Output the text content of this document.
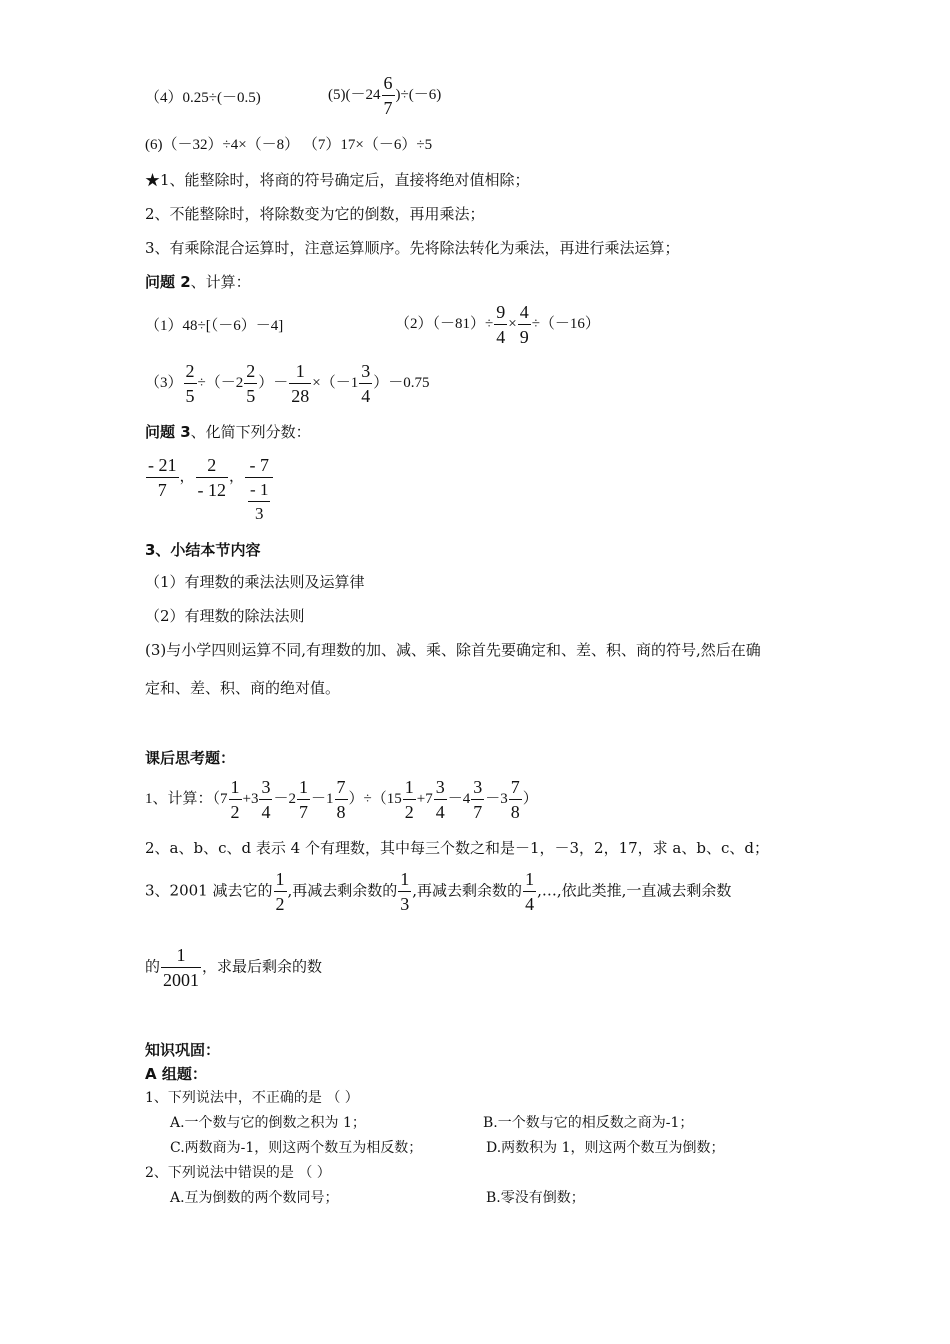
（4）0.25÷(－0.5)	$(5)(-24 \frac{6}{7} )\div(-6)$
(6)（－32）÷4×（－8） （7）17×（－6）÷5
★1、能整除时，将商的符号确定后，直接将绝对值相除；
2、不能整除时，将除数变为它的倒数，再用乘法；
3、有乘除混合运算时，注意运算顺序。先将除法转化为乘法，再进行乘法运算；
问题 2、计算：
（1）48÷[（－6）－4]	$(2)(-81)\div \frac{9}{4} \times \frac{4}{9} \div(-16)$
$(3) \frac{2}{5} \div(-2 \frac{2}{5}$ ）－ $\frac{1}{28} \times(-1 \frac{3}{4} )-0.75$
问题 3、化简下列分数：
$\frac{- 21}{7}$ ， $\frac{2}{- 12}$ ， $\frac{- 7}{\frac{- 1}{3}}$
3、小结本节内容
（1）有理数的乘法法则及运算律
（2）有理数的除法法则
(3)与小学四则运算不同,有理数的加、减、乘、除首先要确定和、差、积、商的符号,然后在确
定和、差、积、商的绝对值。
课后思考题：
1、计算：$(7 \frac{1}{2} +3 \frac{3}{4} -2 \frac{1}{7} -1 \frac{7}{8} )\div(15 \frac{1}{2} +7 \frac{3}{4} -4 \frac{3}{7} -3 \frac{7}{8}$ ）
2、a、b、c、d 表示 4 个有理数，其中每三个数之和是－1，－3，2，17，求 a、b、c、d；
3、2001 减去它的 $\frac{1}{2}$ ,再减去剩余数的 $\frac{1}{3}$ ,再减去剩余数的 $\frac{1}{4}$ ,…,依此类推,一直减去剩余数
的 $\frac{1}{2001}$ ，求最后剩余的数
知识巩固：
A 组题：
1、下列说法中，不正确的是 （ ）
A.一个数与它的倒数之积为 1；	B.一个数与它的相反数之商为-1；
C.两数商为-1，则这两个数互为相反数；	D.两数积为 1，则这两个数互为倒数；
2、下列说法中错误的是 （ ）
A.互为倒数的两个数同号；	B.零没有倒数；
